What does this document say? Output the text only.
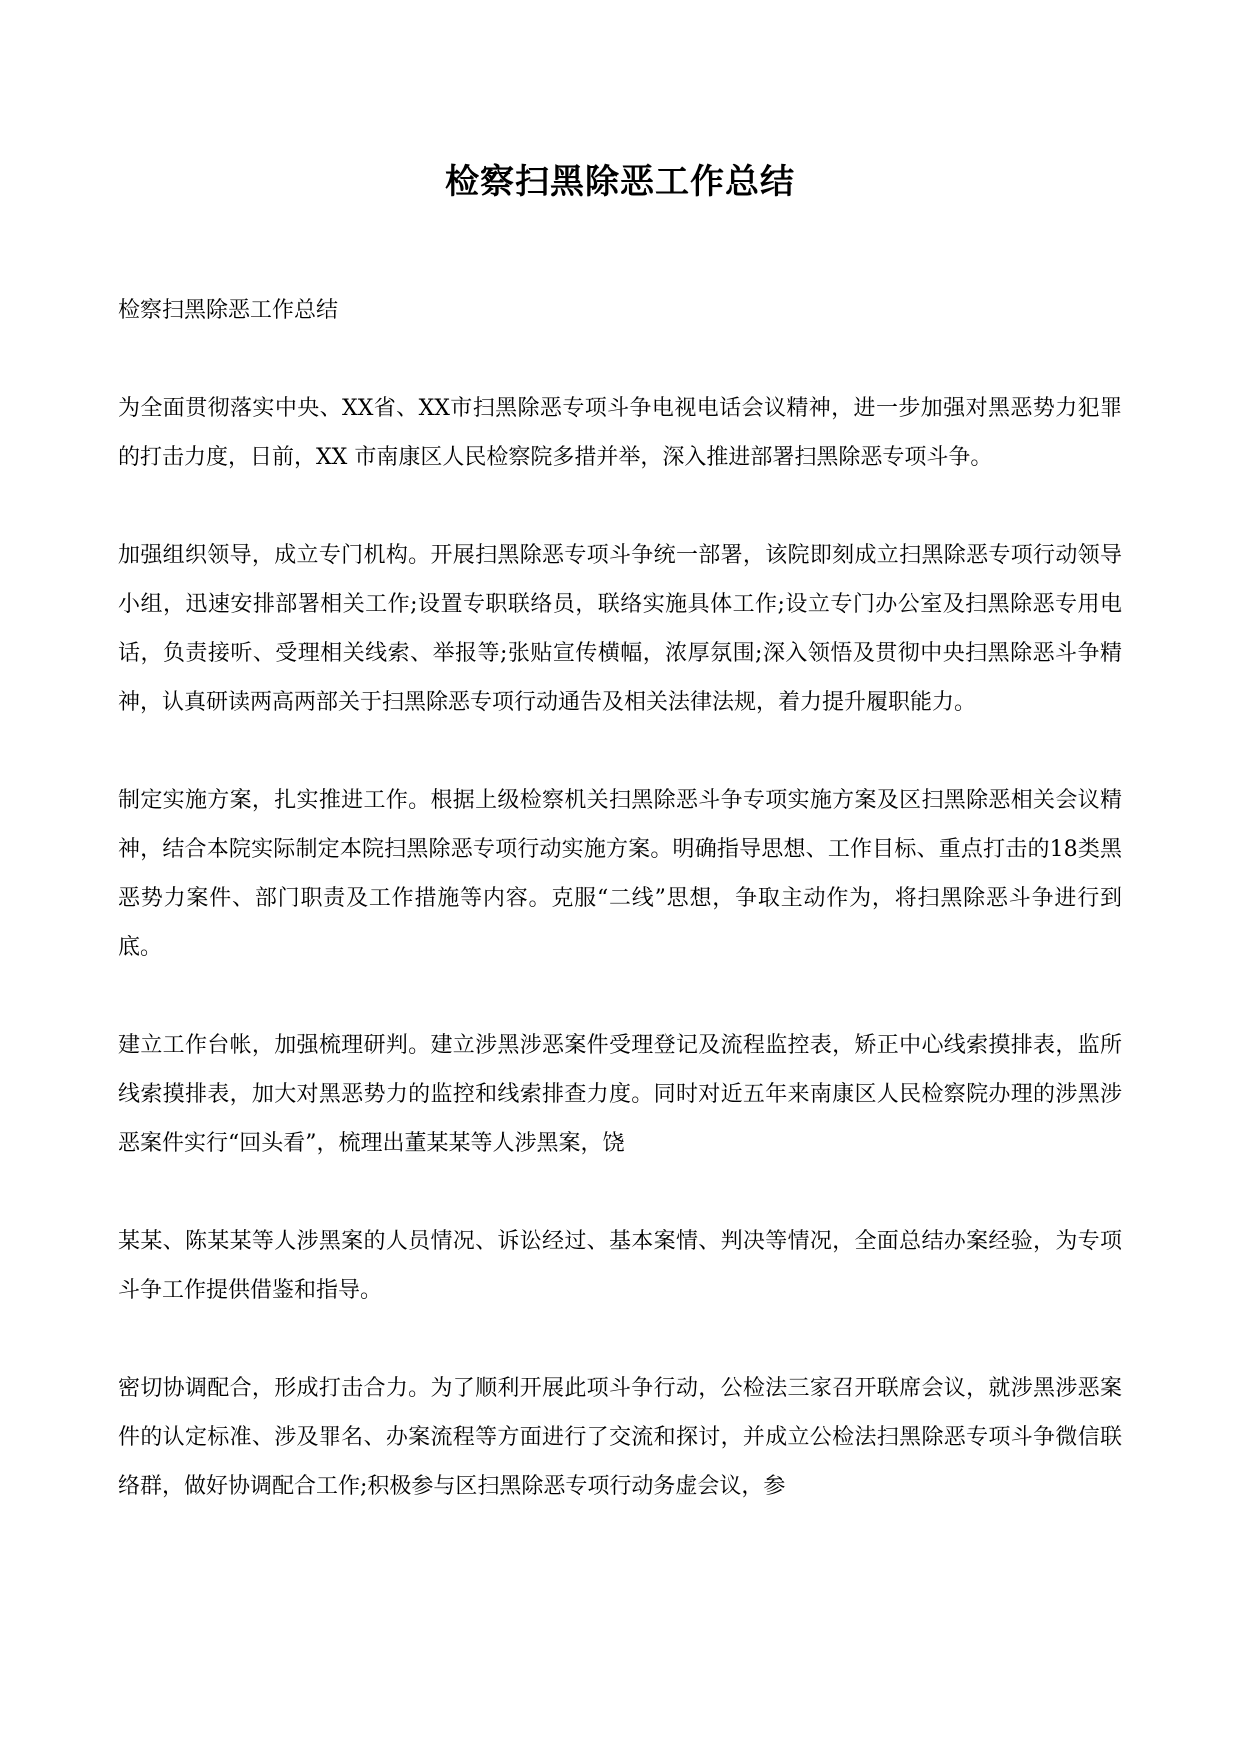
检察扫黑除恶工作总结

检察扫黑除恶工作总结

为全面贯彻落实中央、XX省、XX市扫黑除恶专项斗争电视电话会议精神，进一步加强对黑恶势力犯罪的打击力度，日前，XX 市南康区人民检察院多措并举，深入推进部署扫黑除恶专项斗争。

加强组织领导，成立专门机构。开展扫黑除恶专项斗争统一部署，该院即刻成立扫黑除恶专项行动领导小组，迅速安排部署相关工作;设置专职联络员，联络实施具体工作;设立专门办公室及扫黑除恶专用电话，负责接听、受理相关线索、举报等;张贴宣传横幅，浓厚氛围;深入领悟及贯彻中央扫黑除恶斗争精神，认真研读两高两部关于扫黑除恶专项行动通告及相关法律法规，着力提升履职能力。

制定实施方案，扎实推进工作。根据上级检察机关扫黑除恶斗争专项实施方案及区扫黑除恶相关会议精神，结合本院实际制定本院扫黑除恶专项行动实施方案。明确指导思想、工作目标、重点打击的18类黑恶势力案件、部门职责及工作措施等内容。克服“二线”思想，争取主动作为，将扫黑除恶斗争进行到底。

建立工作台帐，加强梳理研判。建立涉黑涉恶案件受理登记及流程监控表，矫正中心线索摸排表，监所线索摸排表，加大对黑恶势力的监控和线索排查力度。同时对近五年来南康区人民检察院办理的涉黑涉恶案件实行“回头看”，梳理出董某某等人涉黑案，饶

某某、陈某某等人涉黑案的人员情况、诉讼经过、基本案情、判决等情况，全面总结办案经验，为专项斗争工作提供借鉴和指导。

密切协调配合，形成打击合力。为了顺利开展此项斗争行动，公检法三家召开联席会议，就涉黑涉恶案件的认定标准、涉及罪名、办案流程等方面进行了交流和探讨，并成立公检法扫黑除恶专项斗争微信联络群，做好协调配合工作;积极参与区扫黑除恶专项行动务虚会议，参
